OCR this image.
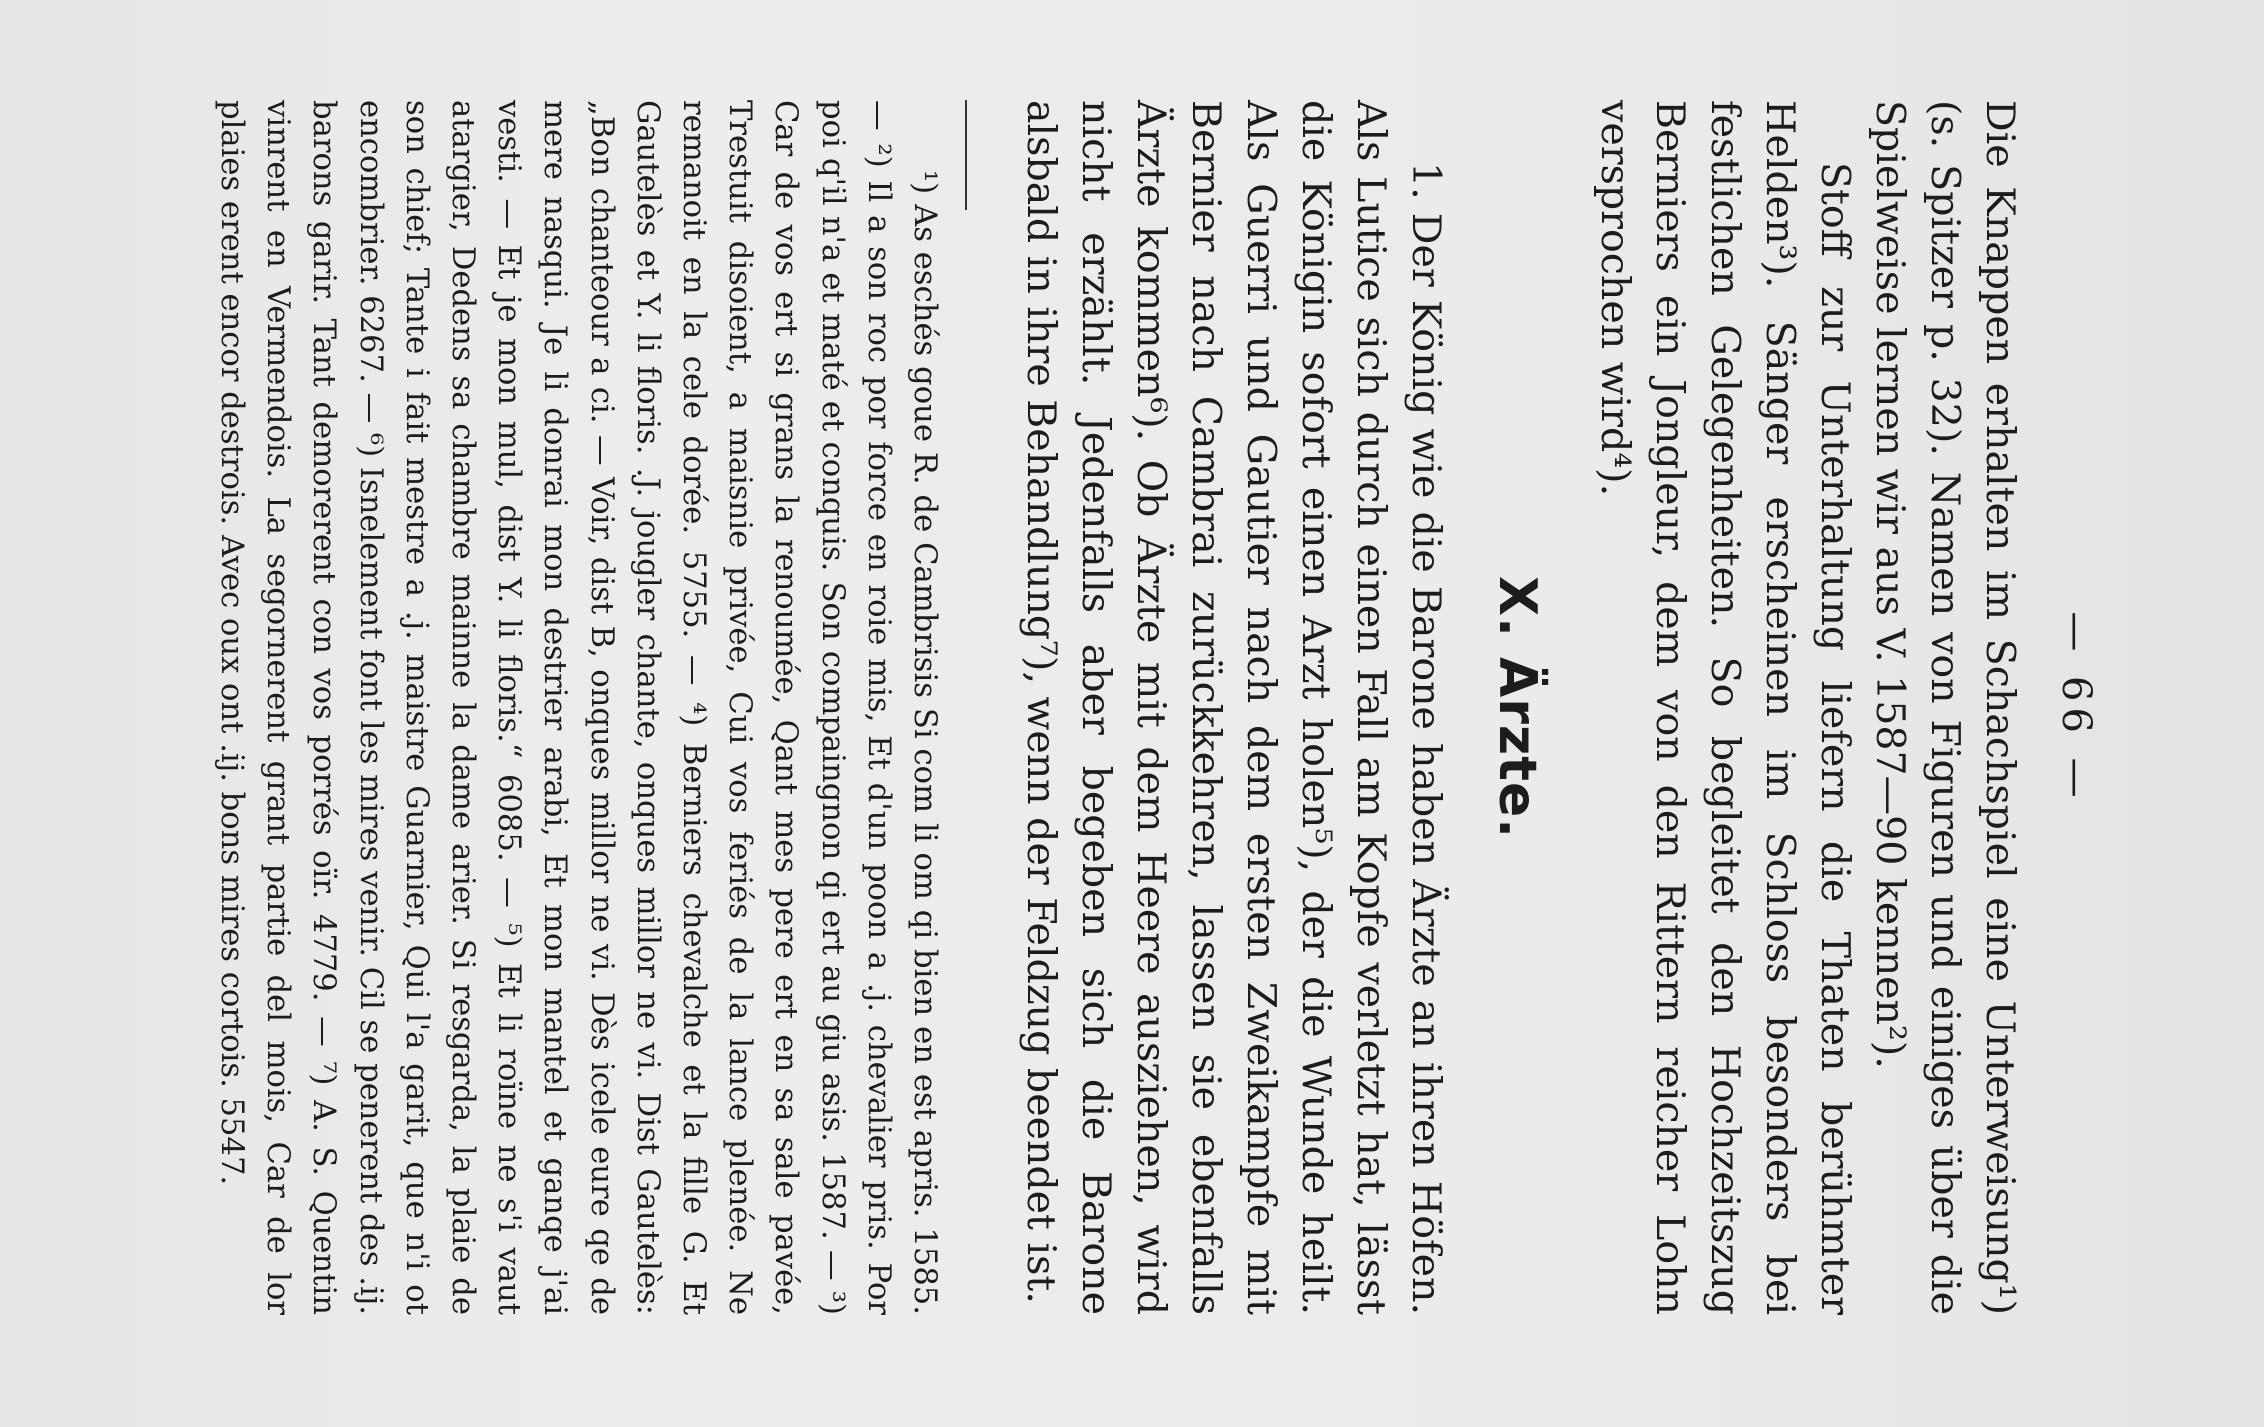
— 66 —

Die Knappen erhalten im Schachspiel eine Unterweisung¹) (s. Spitzer p. 32). Namen von Figuren und einiges über die Spielweise lernen wir aus V. 1587—90 kennen²).

Stoff zur Unterhaltung liefern die Thaten berühmter Helden³). Sänger erscheinen im Schloss besonders bei festlichen Gelegenheiten. So begleitet den Hochzeitszug Berniers ein Jongleur, dem von den Rittern reicher Lohn versprochen wird⁴).

X. Ärzte.

1. Der König wie die Barone haben Ärzte an ihren Höfen. Als Lutice sich durch einen Fall am Kopfe verletzt hat, lässt die Königin sofort einen Arzt holen⁵), der die Wunde heilt. Als Guerri und Gautier nach dem ersten Zweikampfe mit Bernier nach Cambrai zurückkehren, lassen sie ebenfalls Ärzte kommen⁶). Ob Ärzte mit dem Heere ausziehen, wird nicht erzählt. Jedenfalls aber begeben sich die Barone alsbald in ihre Behandlung⁷), wenn der Feldzug beendet ist.

¹) As eschés goue R. de Cambrisis Si com li om qi bien en est apris. 1585. — ²) Il a son roc por force en roie mis, Et d'un poon a .j. chevalier pris. Por poi q'il n'a et maté et conquis. Son compaingnon qi ert au giu asis. 1587. — ³) Car de vos ert si grans la renoumée, Qant mes pere ert en sa sale pavée, Trestuit disoient, a maisnie privée, Cui vos feriés de la lance plenée. Ne remanoit en la cele dorée. 5755. — ⁴) Berniers chevalche et la fille G. Et Gautelès et Y. li floris. .J. jougler chante, onques millor ne vi. Dist Gautelès: „Bon chanteour a ci. — Voir, dist B, onques millor ne vi. Dès icele eure qe de mere nasqui. Je li donrai mon destrier arabi, Et mon mantel et ganqe j'ai vesti. — Et je mon mul, dist Y. li floris.“ 6085. — ⁵) Et li roïne ne s'i vaut atargier, Dedens sa chambre mainne la dame arier. Si resgarda, la plaie de son chief; Tante i fait mestre a .j. maistre Guarnier, Qui l'a garit, que n'i ot encombrier. 6267. — ⁶) Isnelement font les mires venir. Cil se penerent des .ij. barons garir. Tant demorerent con vos porrés oïr. 4779. — ⁷) A. S. Quentin vinrent en Vermendois. La segornerent grant partie del mois, Car de lor plaies erent encor destrois. Avec oux ont .ij. bons mires cortois. 5547.
